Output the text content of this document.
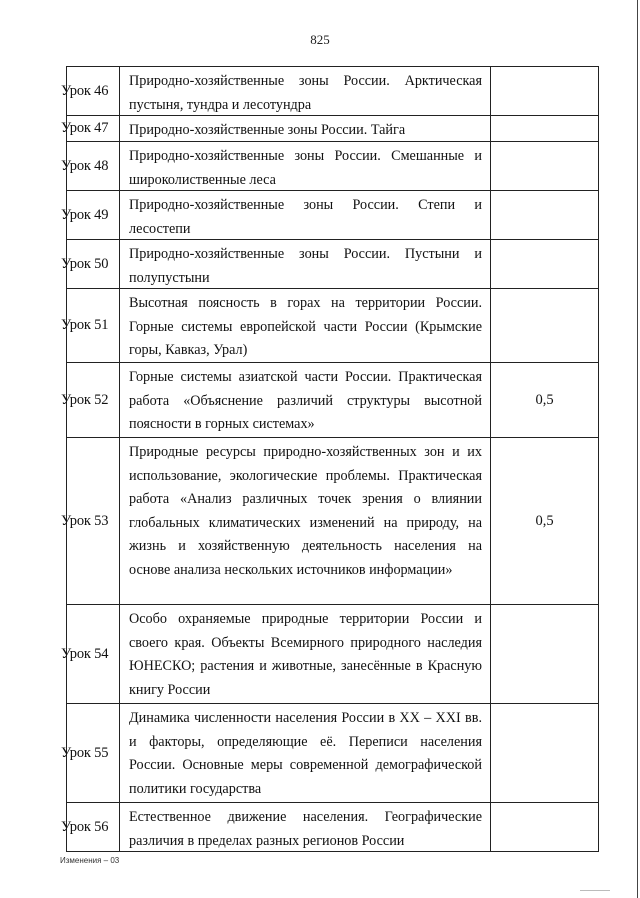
825
Урок 46
Природно-хозяйственные зоны России. Арктическая пустыня, тундра и лесотундра
Урок 47	Природно-хозяйственные зоны России. Тайга
Урок 48
Природно-хозяйственные зоны России. Смешанные и широколиственные леса
Урок 49
Природно-хозяйственные зоны России. Степи и лесостепи
Урок 50
Природно-хозяйственные зоны России. Пустыни и полупустыни
Урок 51
Высотная поясность в горах на территории России. Горные системы европейской части России (Крымские горы, Кавказ, Урал)
Урок 52
Горные системы азиатской части России. Практическая работа «Объяснение различий структуры высотной поясности в горных системах»
0,5
Урок 53
Природные ресурсы природно-хозяйственных зон и их использование, экологические проблемы. Практическая работа «Анализ различных точек зрения о влиянии глобальных климатических изменений на природу, на жизнь и хозяйственную деятельность населения на основе анализа нескольких источников информации»
0,5
Урок 54
Особо охраняемые природные территории России и своего края. Объекты Всемирного природного наследия ЮНЕСКО; растения и животные, занесённые в Красную книгу России
Урок 55
Динамика численности населения России в XX – XXI вв. и факторы, определяющие её. Переписи населения России. Основные меры современной демографической политики государства
Урок 56
Естественное движение населения. Географические различия в пределах разных регионов России
Изменения – 03
